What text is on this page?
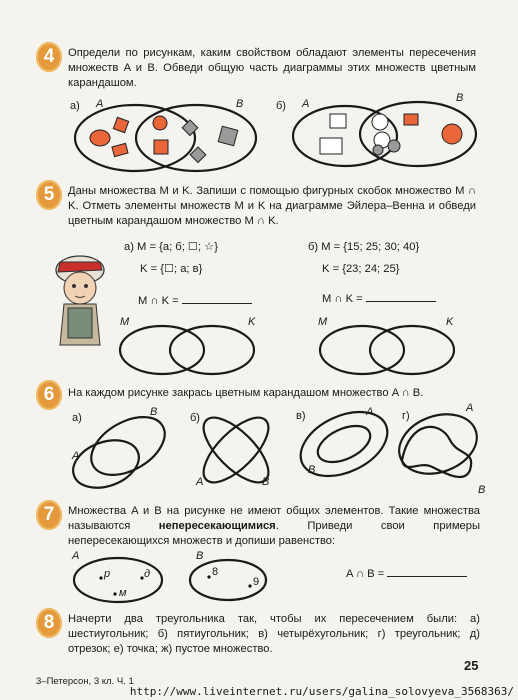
4	Определи по рисункам, каким свойством обладают элементы пересечения множеств A и B. Обведи общую часть диаграммы этих множеств цветным карандашом.
а) A	B	б) A	B
5	Даны множества M и K. Запиши с помощью фигурных скобок множество M ∩ K. Отметь элементы множеств M и K на диаграмме Эйлера–Венна и обведи цветным карандашом множество M ∩ K.
а) M = {а; б; ☐; ☆}
K = {☐; а; в}
б) M = {15; 25; 30; 40}
K = {23; 24; 25}
M ∩ K =	M ∩ K =
M	K	M	K
6	На каждом рисунке закрась цветным карандашом множество A ∩ B.
а)	б)	в)	г)
A
B
A	B
A
B
A
B
7	Множества A и B на рисунке не имеют общих элементов. Такие множества называются непересекающимися. Приведи свои примеры непересекающихся множеств и допиши равенство:
A	B
р	д
м
8
9
A ∩ B =
8	Начерти два треугольника так, чтобы их пересечением были: а) шестиугольник; б) пятиугольник; в) четырёхугольник; г) треугольник; д) отрезок; е) точка; ж) пустое множество.
25
3–Петерсон, 3 кл. Ч. 1
http://www.liveinternet.ru/users/galina_solovyeva_3568363/
